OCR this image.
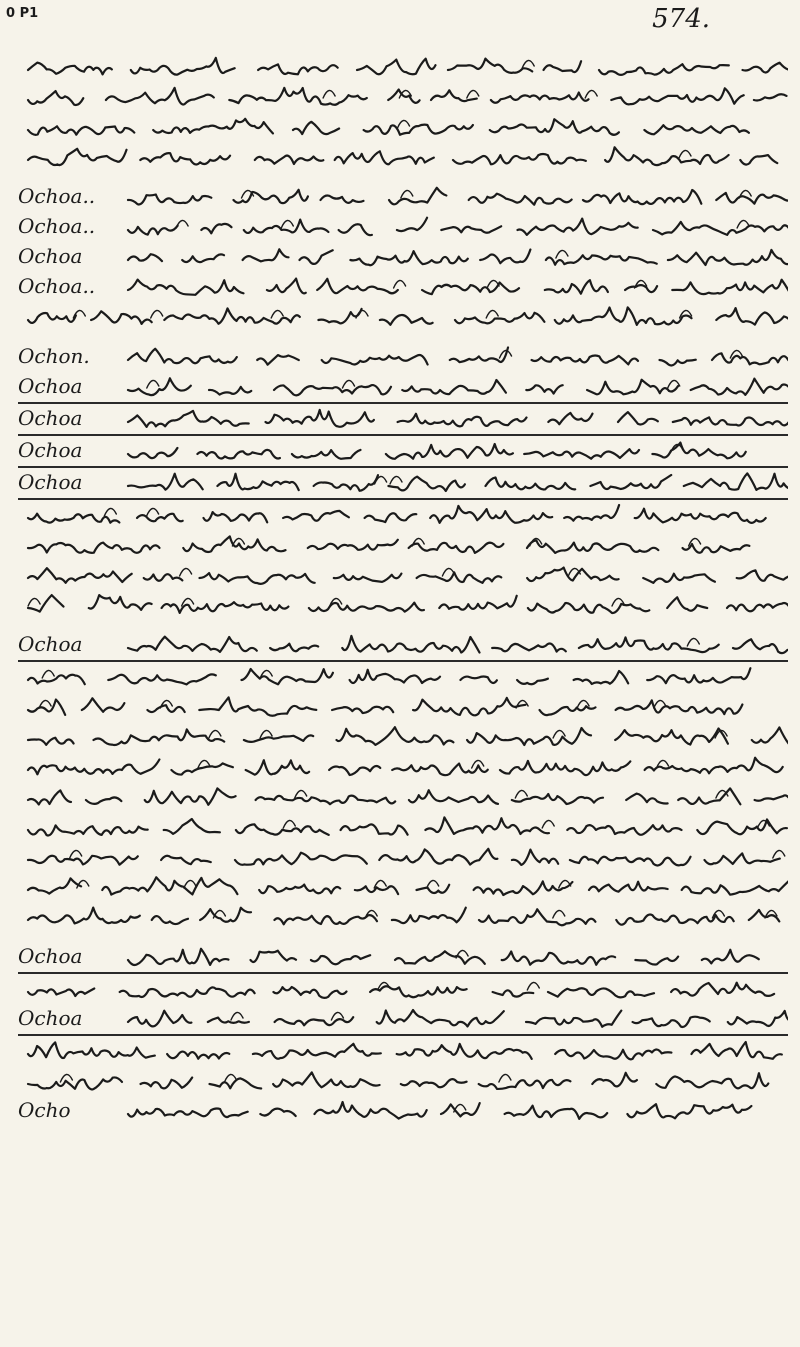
0 P1	574.
Ochoa..
Ochoa..
Ochoa
Ochoa..
Ochon.
Ochoa
Ochoa
Ochoa
Ochoa
Ochoa
Ochoa
Ochoa
Ocho
